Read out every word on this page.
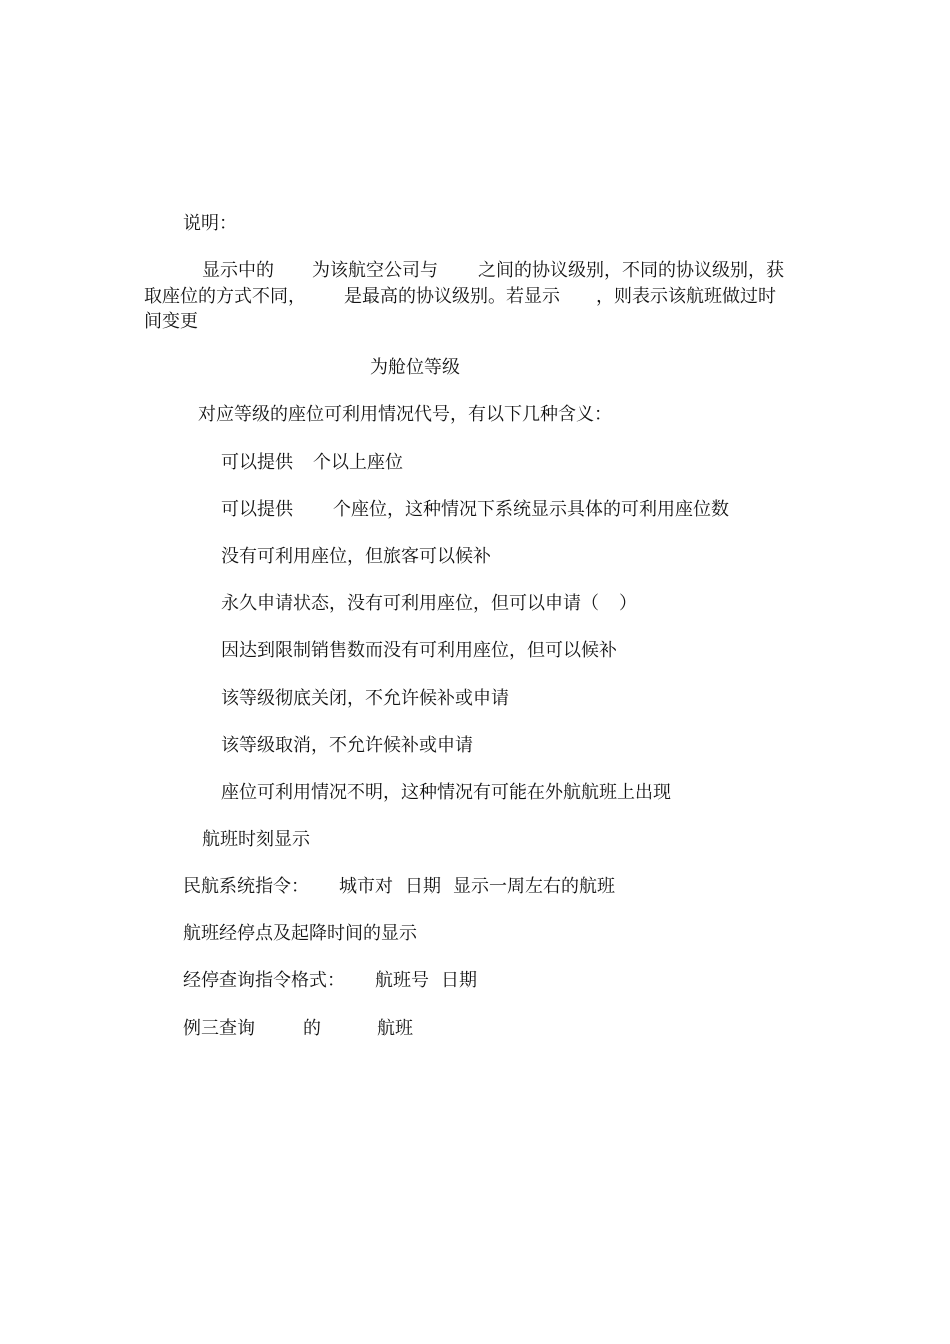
说明：
显示中的 为该航空公司与 之间的协议级别，不同的协议级别，获
取座位的方式不同， 是最高的协议级别。若显示 ，则表示该航班做过时
间变更
为舱位等级
对应等级的座位可利用情况代号，有以下几种含义：
可以提供 个以上座位
可以提供 个座位，这种情况下系统显示具体的可利用座位数
没有可利用座位，但旅客可以候补
永久申请状态，没有可利用座位，但可以申请（ ）
因达到限制销售数而没有可利用座位，但可以候补
该等级彻底关闭，不允许候补或申请
该等级取消，不允许候补或申请
座位可利用情况不明，这种情况有可能在外航航班上出现
航班时刻显示
民航系统指令： 城市对 日期 显示一周左右的航班
航班经停点及起降时间的显示
经停查询指令格式： 航班号 日期
例三查询	的	航班
